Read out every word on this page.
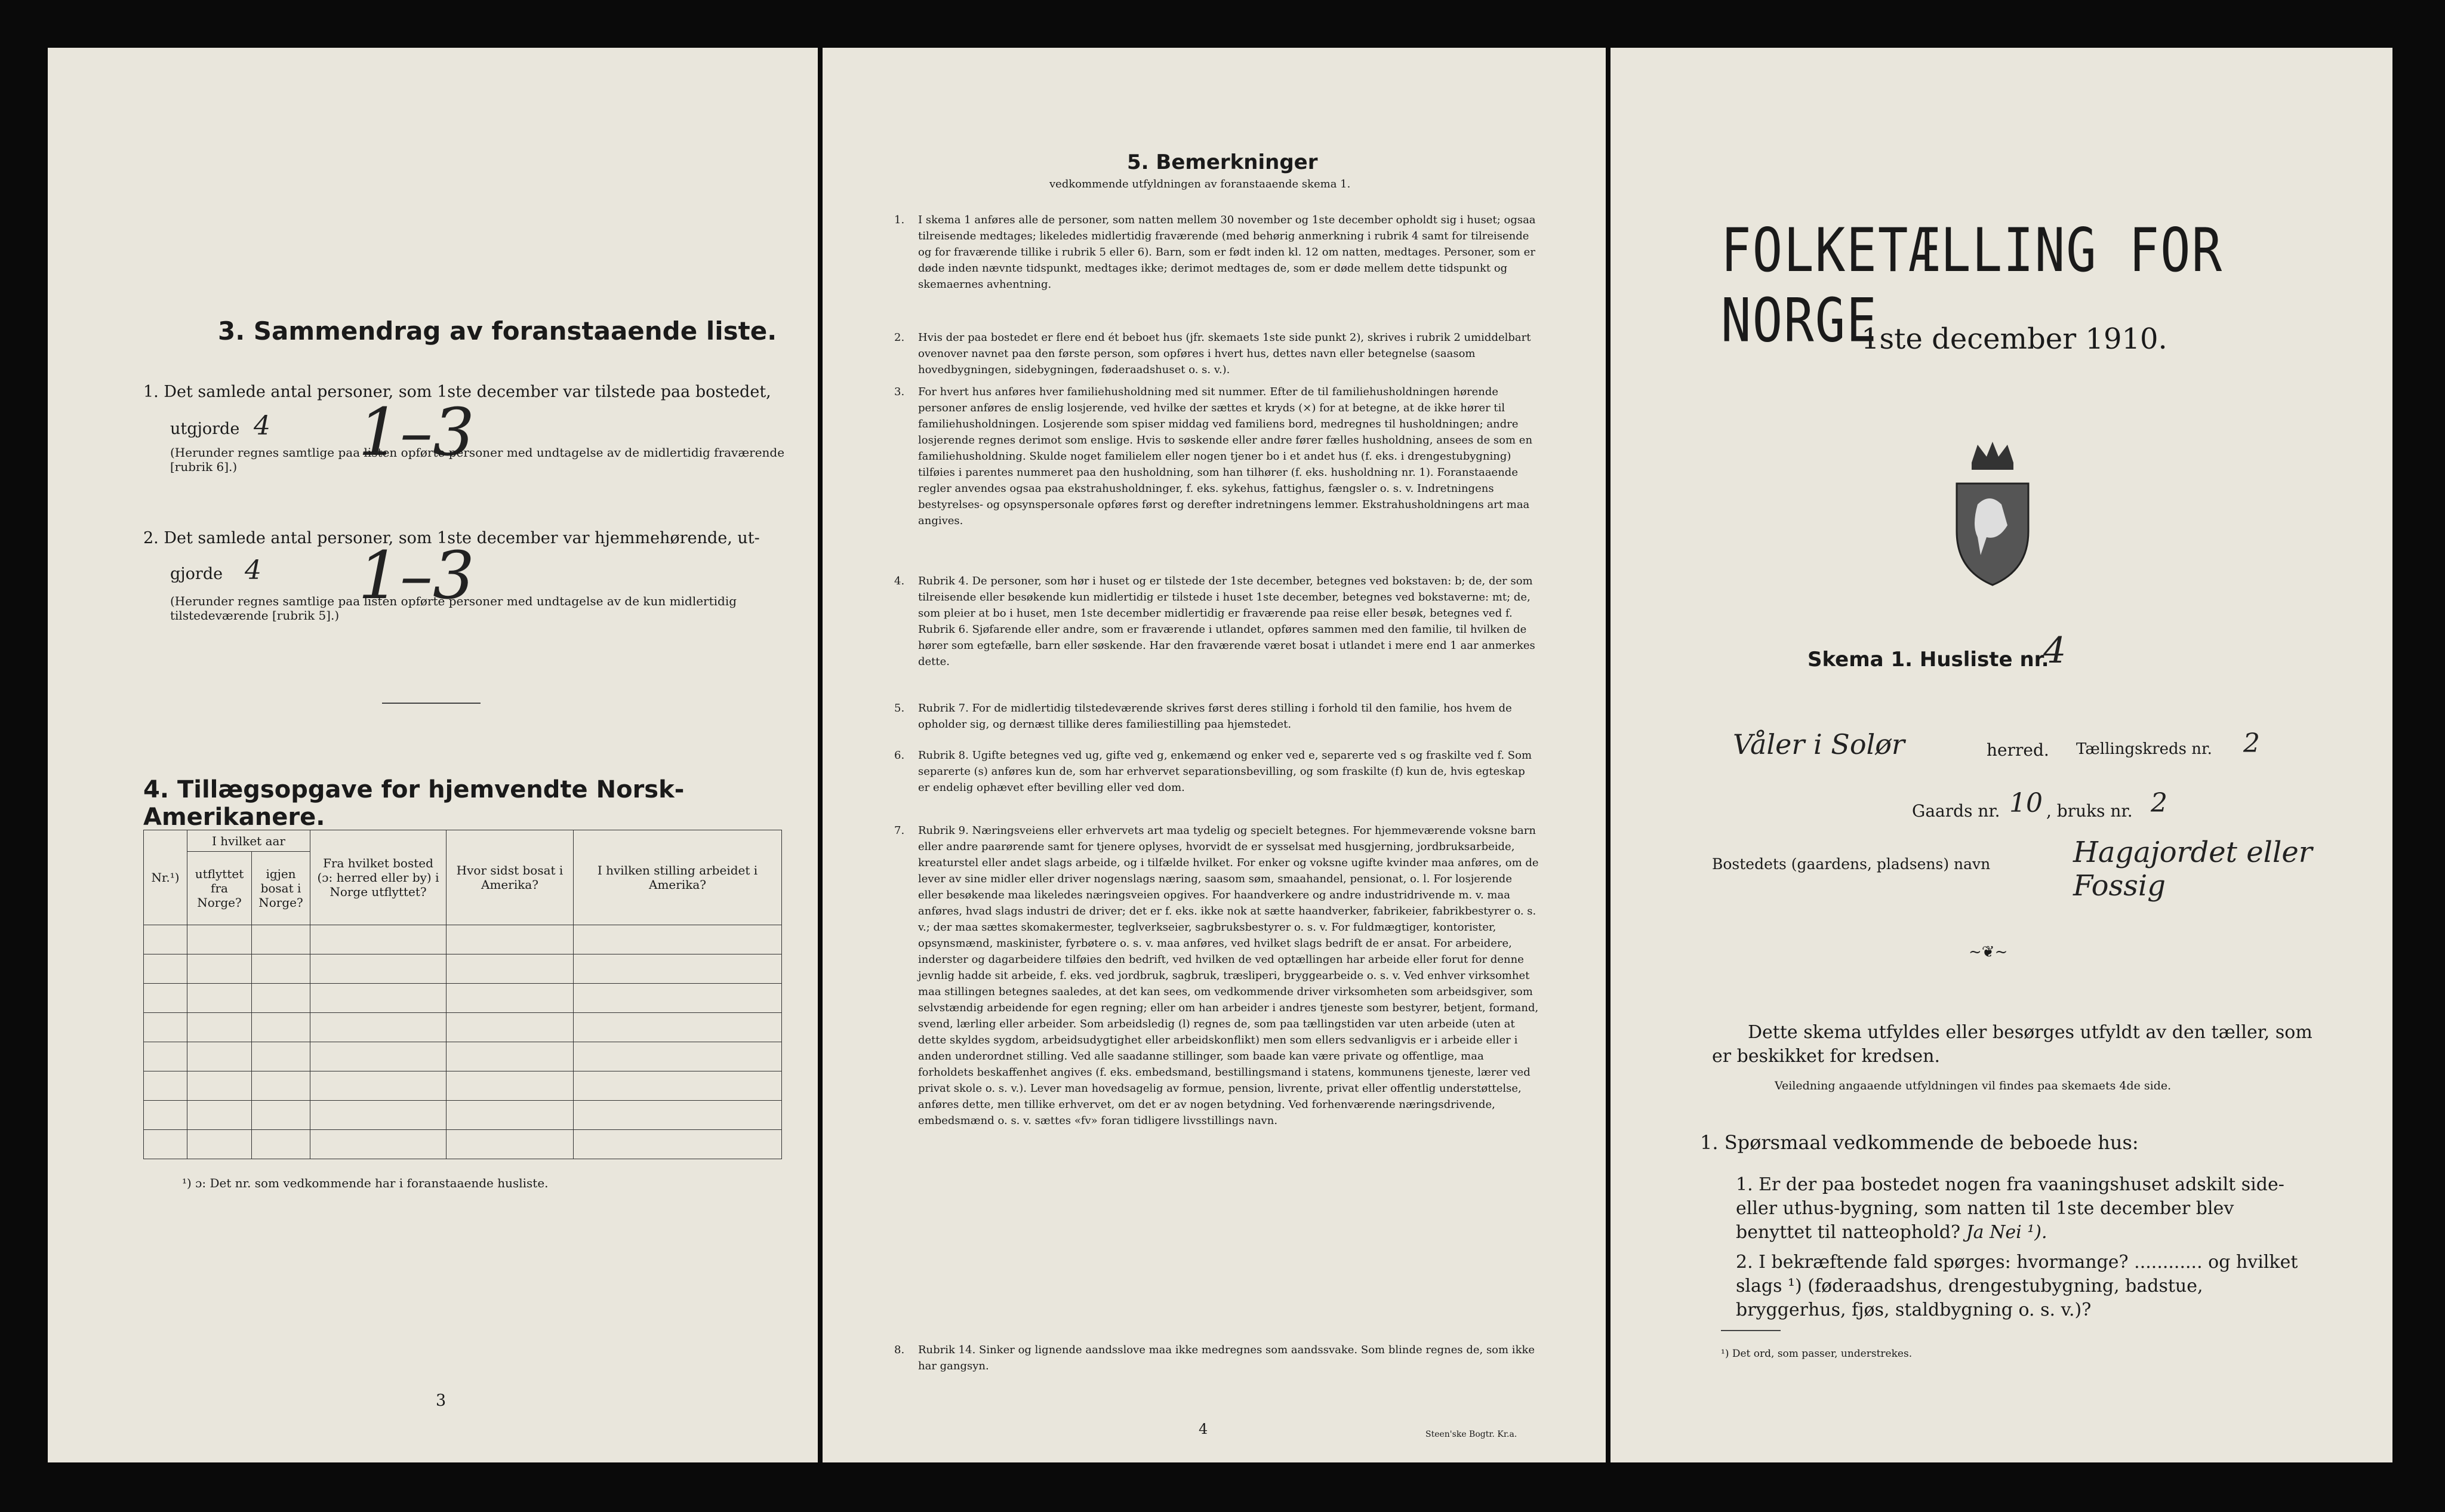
3. Sammendrag av foranstaaende liste.
1. Det samlede antal personer, som 1ste december var tilstede paa bostedet,
utgjorde 4 1–3
(Herunder regnes samtlige paa listen opførte personer med undtagelse av de midlertidig fraværende [rubrik 6].)
2. Det samlede antal personer, som 1ste december var hjemmehørende, ut-
gjorde 4 1–3
(Herunder regnes samtlige paa listen opførte personer med undtagelse av de kun midlertidig tilstedeværende [rubrik 5].)
4. Tillægsopgave for hjemvendte Norsk-Amerikanere.
Nr.¹)	I hvilket aar		Fra hvilket bosted (ɔ: herred eller by) i Norge utflyttet?	Hvor sidst bosat i Amerika?	I hvilken stilling arbeidet i Amerika?
	utflyttet fra Norge?	igjen bosat i Norge?			

¹) ɔ: Det nr. som vedkommende har i foranstaaende husliste.
3
5. Bemerkninger
vedkommende utfyldningen av foranstaaende skema 1.
1. I skema 1 anføres alle de personer, som natten mellem 30 november og 1ste december opholdt sig i huset; ogsaa tilreisende medtages; likeledes midlertidig fraværende (med behørig anmerkning i rubrik 4 samt for tilreisende og for fraværende tillike i rubrik 5 eller 6). Barn, som er født inden kl. 12 om natten, medtages. Personer, som er døde inden nævnte tidspunkt, medtages ikke; derimot medtages de, som er døde mellem dette tidspunkt og skemaernes avhentning.
2. Hvis der paa bostedet er flere end ét beboet hus (jfr. skemaets 1ste side punkt 2), skrives i rubrik 2 umiddelbart ovenover navnet paa den første person, som opføres i hvert hus, dettes navn eller betegnelse (saasom hovedbygningen, sidebygningen, føderaadshuset o. s. v.).
3. For hvert hus anføres hver familiehusholdning med sit nummer. Efter de til familiehusholdningen hørende personer anføres de enslig losjerende, ved hvilke der sættes et kryds (×) for at betegne, at de ikke hører til familiehusholdningen. Losjerende som spiser middag ved familiens bord, medregnes til husholdningen; andre losjerende regnes derimot som enslige. Hvis to søskende eller andre fører fælles husholdning, ansees de som en familiehusholdning. Skulde noget familielem eller nogen tjener bo i et andet hus (f. eks. i drengestubygning) tilføies i parentes nummeret paa den husholdning, som han tilhører (f. eks. husholdning nr. 1). Foranstaaende regler anvendes ogsaa paa ekstrahusholdninger, f. eks. sykehus, fattighus, fængsler o. s. v. Indretningens bestyrelses- og opsynspersonale opføres først og derefter indretningens lemmer. Ekstrahusholdningens art maa angives.
4. Rubrik 4. De personer, som hør i huset og er tilstede der 1ste december, betegnes ved bokstaven: b; de, der som tilreisende eller besøkende kun midlertidig er tilstede i huset 1ste december, betegnes ved bokstaverne: mt; de, som pleier at bo i huset, men 1ste december midlertidig er fraværende paa reise eller besøk, betegnes ved f. Rubrik 6. Sjøfarende eller andre, som er fraværende i utlandet, opføres sammen med den familie, til hvilken de hører som egtefælle, barn eller søskende. Har den fraværende været bosat i utlandet i mere end 1 aar anmerkes dette.
5. Rubrik 7. For de midlertidig tilstedeværende skrives først deres stilling i forhold til den familie, hos hvem de opholder sig, og dernæst tillike deres familiestilling paa hjemstedet.
6. Rubrik 8. Ugifte betegnes ved ug, gifte ved g, enkemænd og enker ved e, separerte ved s og fraskilte ved f. Som separerte (s) anføres kun de, som har erhvervet separationsbevilling, og som fraskilte (f) kun de, hvis egteskap er endelig ophævet efter bevilling eller ved dom.
7. Rubrik 9. Næringsveiens eller erhvervets art maa tydelig og specielt betegnes. For hjemmeværende voksne barn eller andre paarørende samt for tjenere oplyses, hvorvidt de er sysselsat med husgjerning, jordbruksarbeide, kreaturstel eller andet slags arbeide, og i tilfælde hvilket. For enker og voksne ugifte kvinder maa anføres, om de lever av sine midler eller driver nogenslags næring, saasom søm, smaahandel, pensionat, o. l. For losjerende eller besøkende maa likeledes næringsveien opgives. For haandverkere og andre industridrivende m. v. maa anføres, hvad slags industri de driver; det er f. eks. ikke nok at sætte haandverker, fabrikeier, fabrikbestyrer o. s. v.; der maa sættes skomakermester, teglverkseier, sagbruksbestyrer o. s. v. For fuldmægtiger, kontorister, opsynsmænd, maskinister, fyrbøtere o. s. v. maa anføres, ved hvilket slags bedrift de er ansat. For arbeidere, inderster og dagarbeidere tilføies den bedrift, ved hvilken de ved optællingen har arbeide eller forut for denne jevnlig hadde sit arbeide, f. eks. ved jordbruk, sagbruk, træsliperi, bryggearbeide o. s. v. Ved enhver virksomhet maa stillingen betegnes saaledes, at det kan sees, om vedkommende driver virksomheten som arbeidsgiver, som selvstændig arbeidende for egen regning; eller om han arbeider i andres tjeneste som bestyrer, betjent, formand, svend, lærling eller arbeider. Som arbeidsledig (l) regnes de, som paa tællingstiden var uten arbeide (uten at dette skyldes sygdom, arbeidsudygtighet eller arbeidskonflikt) men som ellers sedvanligvis er i arbeide eller i anden underordnet stilling. Ved alle saadanne stillinger, som baade kan være private og offentlige, maa forholdets beskaffenhet angives (f. eks. embedsmand, bestillingsmand i statens, kommunens tjeneste, lærer ved privat skole o. s. v.). Lever man hovedsagelig av formue, pension, livrente, privat eller offentlig understøttelse, anføres dette, men tillike erhvervet, om det er av nogen betydning. Ved forhenværende næringsdrivende, embedsmænd o. s. v. sættes «fv» foran tidligere livsstillings navn.
8. Rubrik 14. Sinker og lignende aandsslove maa ikke medregnes som aandssvake. Som blinde regnes de, som ikke har gangsyn.
4	Steen'ske Bogtr. Kr.a.
FOLKETÆLLING FOR NORGE
1ste december 1910.
Skema 1. Husliste nr.
4
Våler i Solør	herred. Tællingskreds nr. 2
Gaards nr. 10 , bruks nr. 2
Bostedets (gaardens, pladsens) navn	Hagajordet eller Fossig
~❦~
Dette skema utfyldes eller besørges utfyldt av den tæller, som er beskikket for kredsen.
Veiledning angaaende utfyldningen vil findes paa skemaets 4de side.
1. Spørsmaal vedkommende de beboede hus:
1. Er der paa bostedet nogen fra vaaningshuset adskilt side- eller uthus-bygning, som natten til 1ste december blev benyttet til natteophold? Ja Nei ¹).
2. I bekræftende fald spørges: hvormange? ............ og hvilket slags ¹) (føderaadshus, drengestubygning, badstue, bryggerhus, fjøs, staldbygning o. s. v.)?
¹) Det ord, som passer, understrekes.
